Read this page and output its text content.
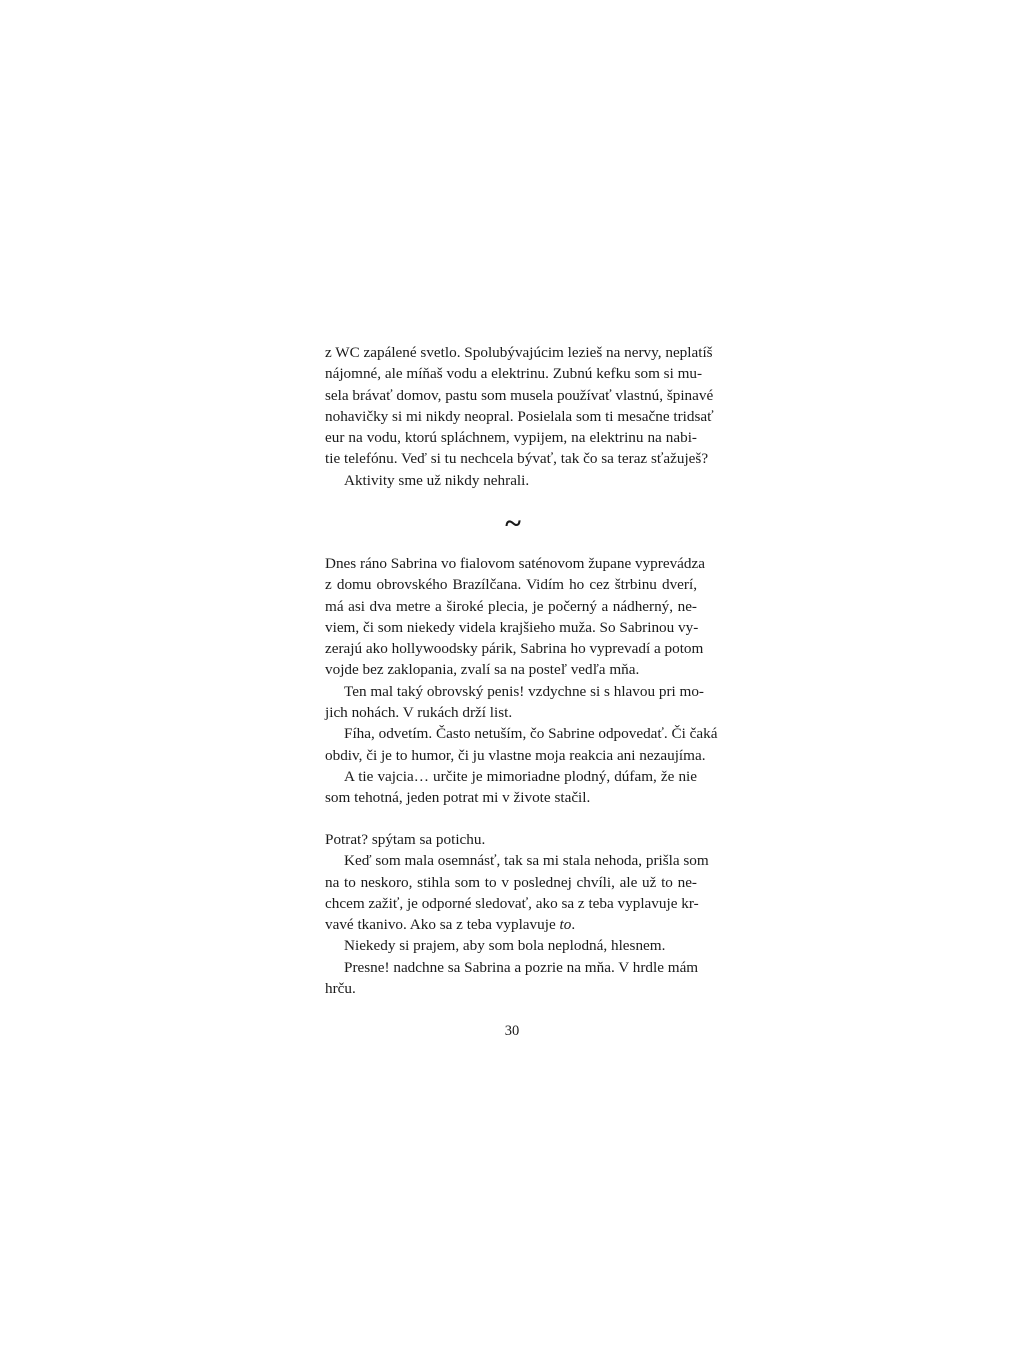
z WC zapálené svetlo. Spolubývajúcim lezieš na nervy, neplatíš
nájomné, ale míňaš vodu a elektrinu. Zubnú kefku som si mu-
sela brávať domov, pastu som musela používať vlastnú, špinavé
nohavičky si mi nikdy neopral. Posielala som ti mesačne tridsať
eur na vodu, ktorú spláchnem, vypijem, na elektrinu na nabi-
tie telefónu. Veď si tu nechcela bývať, tak čo sa teraz sťažuješ?
Aktivity sme už nikdy nehrali.
~
Dnes ráno Sabrina vo fialovom saténovom župane vyprevádza
z domu obrovského Brazílčana. Vidím ho cez štrbinu dverí,
má asi dva metre a široké plecia, je počerný a nádherný, ne-
viem, či som niekedy videla krajšieho muža. So Sabrinou vy-
zerajú ako hollywoodsky pár​ik, Sabrina ho vyprevadí a potom
vojde bez zaklopania, zvalí sa na posteľ vedľa mňa.
Ten mal taký obrovský penis! vzdychne si s hlavou pri mo-
jich nohách. V rukách drží list.
Fíha, odvetím. Často netuším, čo Sabrine odpovedať. Či čaká
obdiv, či je to humor, či ju vlastne moja reakcia ani nezaujíma.
A tie vajcia… určite je mimoriadne plodný, dúfam, že nie
som tehotná, jeden potrat mi v živote stačil.
Potrat? spýtam sa potichu.
Keď som mala osemnásť, tak sa mi stala nehoda, prišla som
na to neskoro, stihla som to v poslednej chvíli, ale už to ne-
chcem zažiť, je odporné sledovať, ako sa z teba vyplavuje kr-
vavé tkanivo. Ako sa z teba vyplavuje to.
Niekedy si prajem, aby som bola neplodná, hlesnem.
Presne! nadchne sa Sabrina a pozrie na mňa. V hrdle mám
hrču.
30
